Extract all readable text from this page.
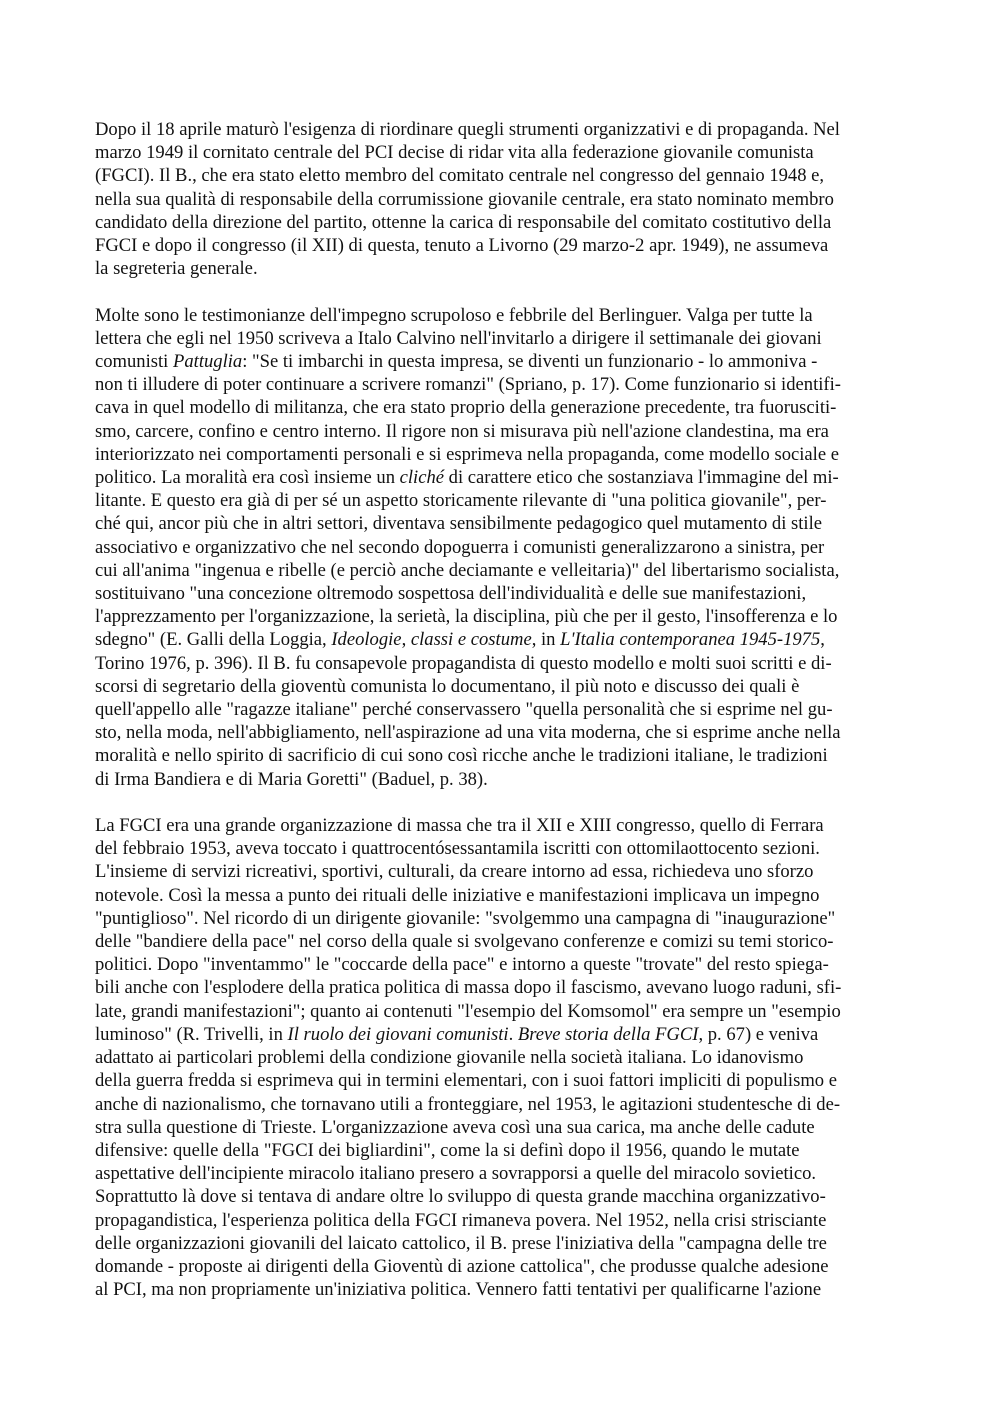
Dopo il 18 aprile maturò l'esigenza di riordinare quegli strumenti organizzativi e di propaganda. Nel
marzo 1949 il cornitato centrale del PCI decise di ridar vita alla federazione giovanile comunista
(FGCI). Il B., che era stato eletto membro del comitato centrale nel congresso del gennaio 1948 e,
nella sua qualità di responsabile della corrumissione giovanile centrale, era stato nominato membro
candidato della direzione del partito, ottenne la carica di responsabile del comitato costitutivo della
FGCI e dopo il congresso (il XII) di questa, tenuto a Livorno (29 marzo-2 apr. 1949), ne assumeva
la segreteria generale.
Molte sono le testimonianze dell'impegno scrupoloso e febbrile del Berlinguer. Valga per tutte la
lettera che egli nel 1950 scriveva a Italo Calvino nell'invitarlo a dirigere il settimanale dei giovani
comunisti Pattuglia: "Se ti imbarchi in questa impresa, se diventi un funzionario - lo ammoniva -
non ti illudere di poter continuare a scrivere romanzi" (Spriano, p. 17). Come funzionario si identifi-
cava in quel modello di militanza, che era stato proprio della generazione precedente, tra fuorusciti-
smo, carcere, confino e centro interno. Il rigore non si misurava più nell'azione clandestina, ma era
interiorizzato nei comportamenti personali e si esprimeva nella propaganda, come modello sociale e
politico. La moralità era così insieme un cliché di carattere etico che sostanziava l'immagine del mi-
litante. E questo era già di per sé un aspetto storicamente rilevante di "una politica giovanile", per-
ché qui, ancor più che in altri settori, diventava sensibilmente pedagogico quel mutamento di stile
associativo e organizzativo che nel secondo dopoguerra i comunisti generalizzarono a sinistra, per
cui all'anima "ingenua e ribelle (e perciò anche deciamante e velleitaria)" del libertarismo socialista,
sostituivano "una concezione oltremodo sospettosa dell'individualità e delle sue manifestazioni,
l'apprezzamento per l'organizzazione, la serietà, la disciplina, più che per il gesto, l'insofferenza e lo
sdegno" (E. Galli della Loggia, Ideologie, classi e costume, in L'Italia contemporanea 1945-1975,
Torino 1976, p. 396). Il B. fu consapevole propagandista di questo modello e molti suoi scritti e di-
scorsi di segretario della gioventù comunista lo documentano, il più noto e discusso dei quali è
quell'appello alle "ragazze italiane" perché conservassero "quella personalità che si esprime nel gu-
sto, nella moda, nell'abbigliamento, nell'aspirazione ad una vita moderna, che si esprime anche nella
moralità e nello spirito di sacrificio di cui sono così ricche anche le tradizioni italiane, le tradizioni
di Irma Bandiera e di Maria Goretti" (Baduel, p. 38).
La FGCI era una grande organizzazione di massa che tra il XII e XIII congresso, quello di Ferrara
del febbraio 1953, aveva toccato i quattrocentósessantamila iscritti con ottomilaottocento sezioni.
L'insieme di servizi ricreativi, sportivi, culturali, da creare intorno ad essa, richiedeva uno sforzo
notevole. Così la messa a punto dei rituali delle iniziative e manifestazioni implicava un impegno
"puntiglioso". Nel ricordo di un dirigente giovanile: "svolgemmo una campagna di "inaugurazione"
delle "bandiere della pace" nel corso della quale si svolgevano conferenze e comizi su temi storico-
politici. Dopo "inventammo" le "coccarde della pace" e intorno a queste "trovate" del resto spiega-
bili anche con l'esplodere della pratica politica di massa dopo il fascismo, avevano luogo raduni, sfi-
late, grandi manifestazioni"; quanto ai contenuti "l'esempio del Komsomol" era sempre un "esempio
luminoso" (R. Trivelli, in Il ruolo dei giovani comunisti. Breve storia della FGCI, p. 67) e veniva
adattato ai particolari problemi della condizione giovanile nella società italiana. Lo idanovismo
della guerra fredda si esprimeva qui in termini elementari, con i suoi fattori impliciti di populismo e
anche di nazionalismo, che tornavano utili a fronteggiare, nel 1953, le agitazioni studentesche di de-
stra sulla questione di Trieste. L'organizzazione aveva così una sua carica, ma anche delle cadute
difensive: quelle della "FGCI dei bigliardini", come la si definì dopo il 1956, quando le mutate
aspettative dell'incipiente miracolo italiano presero a sovrapporsi a quelle del miracolo sovietico.
Soprattutto là dove si tentava di andare oltre lo sviluppo di questa grande macchina organizzativo-
propagandistica, l'esperienza politica della FGCI rimaneva povera. Nel 1952, nella crisi strisciante
delle organizzazioni giovanili del laicato cattolico, il B. prese l'iniziativa della "campagna delle tre
domande - proposte ai dirigenti della Gioventù di azione cattolica", che produsse qualche adesione
al PCI, ma non propriamente un'iniziativa politica. Vennero fatti tentativi per qualificarne l'azione
